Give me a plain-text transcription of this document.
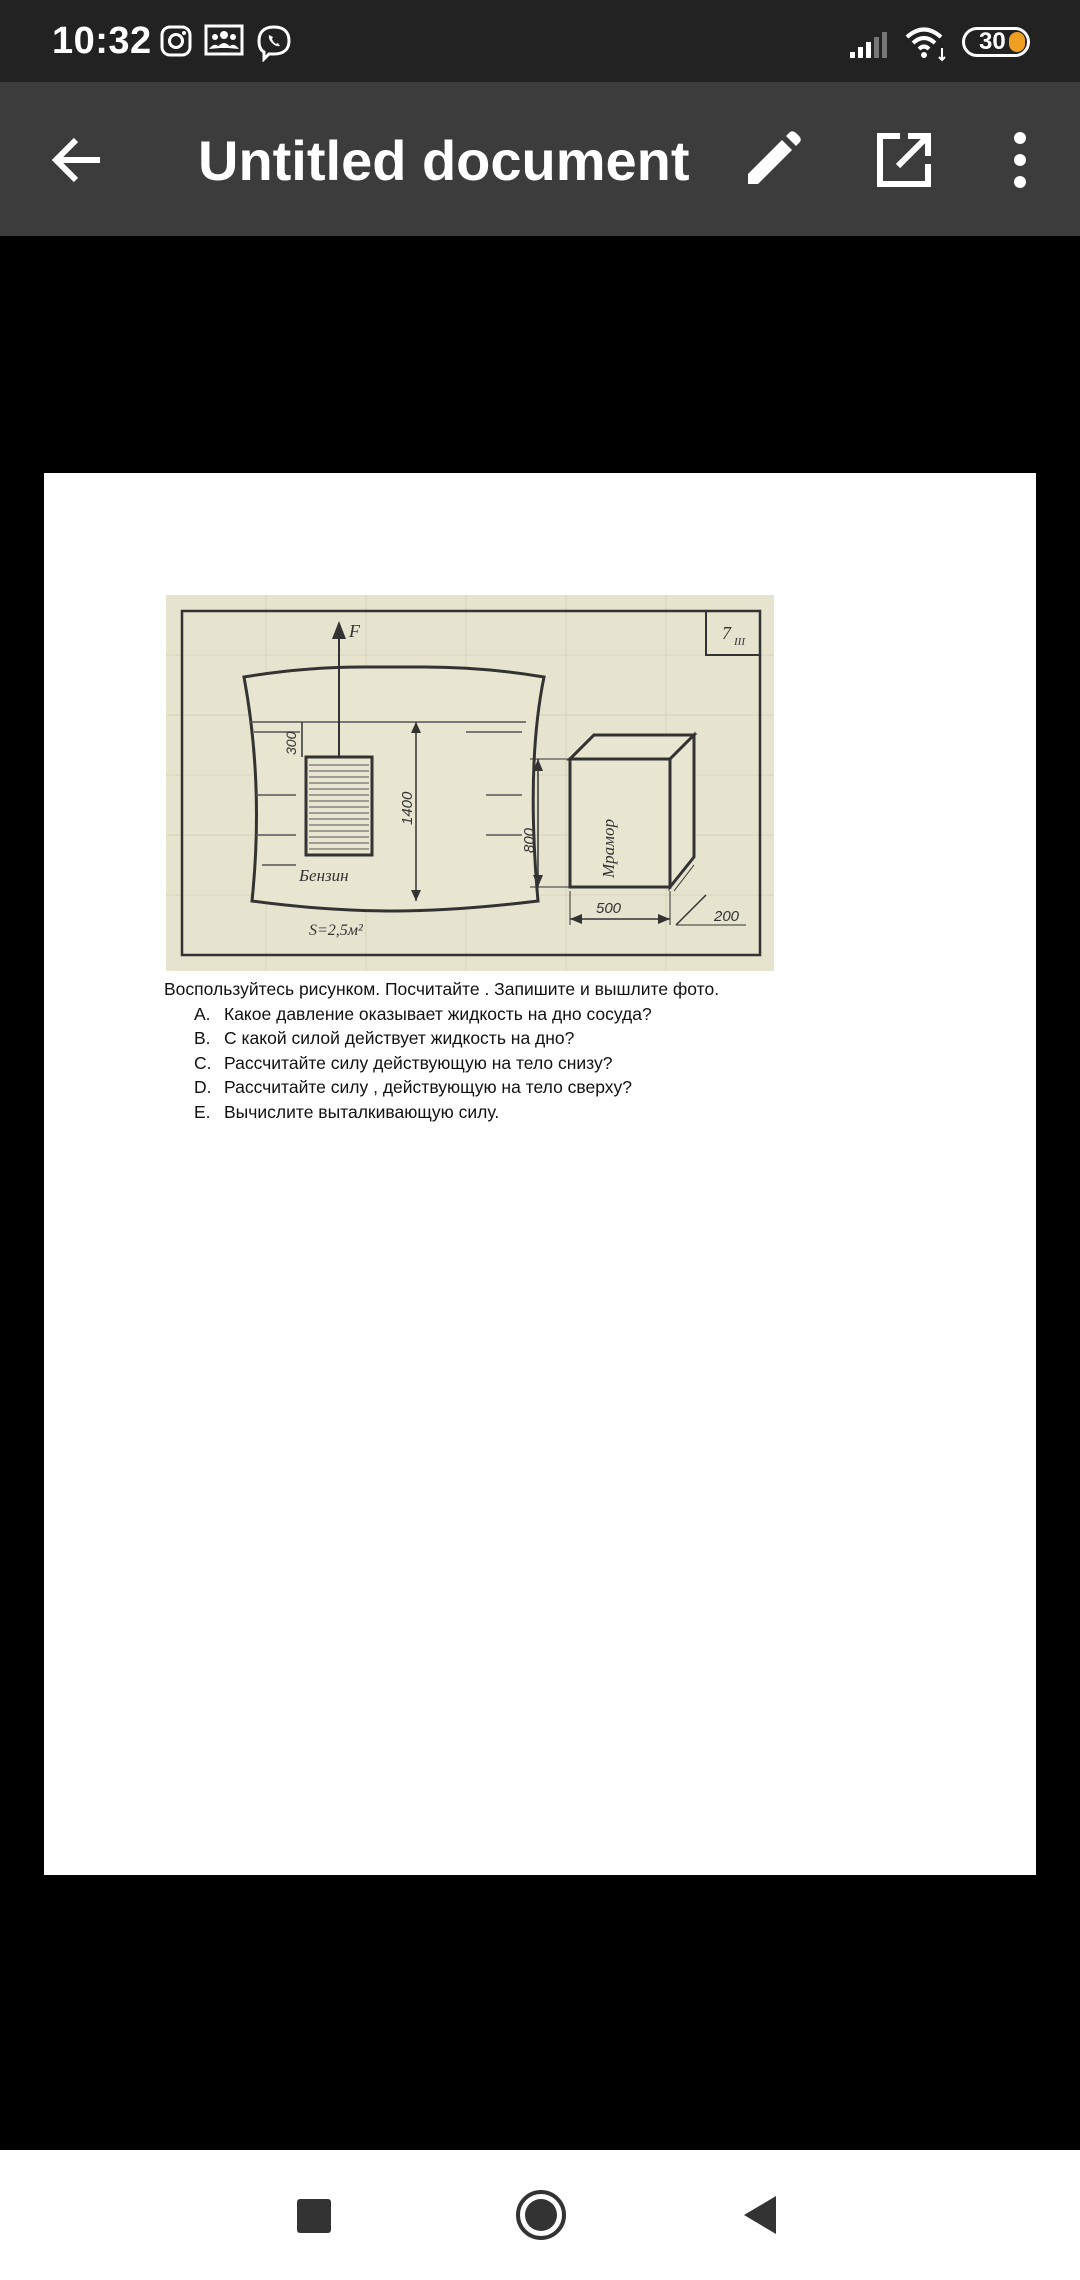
10:32	30
Untitled document
7 III
F
300
1400
Бензин
S=2,5м²
Мрамор
800
500	200
Воспользуйтесь рисунком. Посчитайте . Запишите и вышлите фото.
A. Какое давление оказывает жидкость на дно сосуда?
B. С какой силой действует жидкость на дно?
C. Рассчитайте силу действующую на тело снизу?
D. Рассчитайте силу , действующую на тело сверху?
E. Вычислите выталкивающую силу.
